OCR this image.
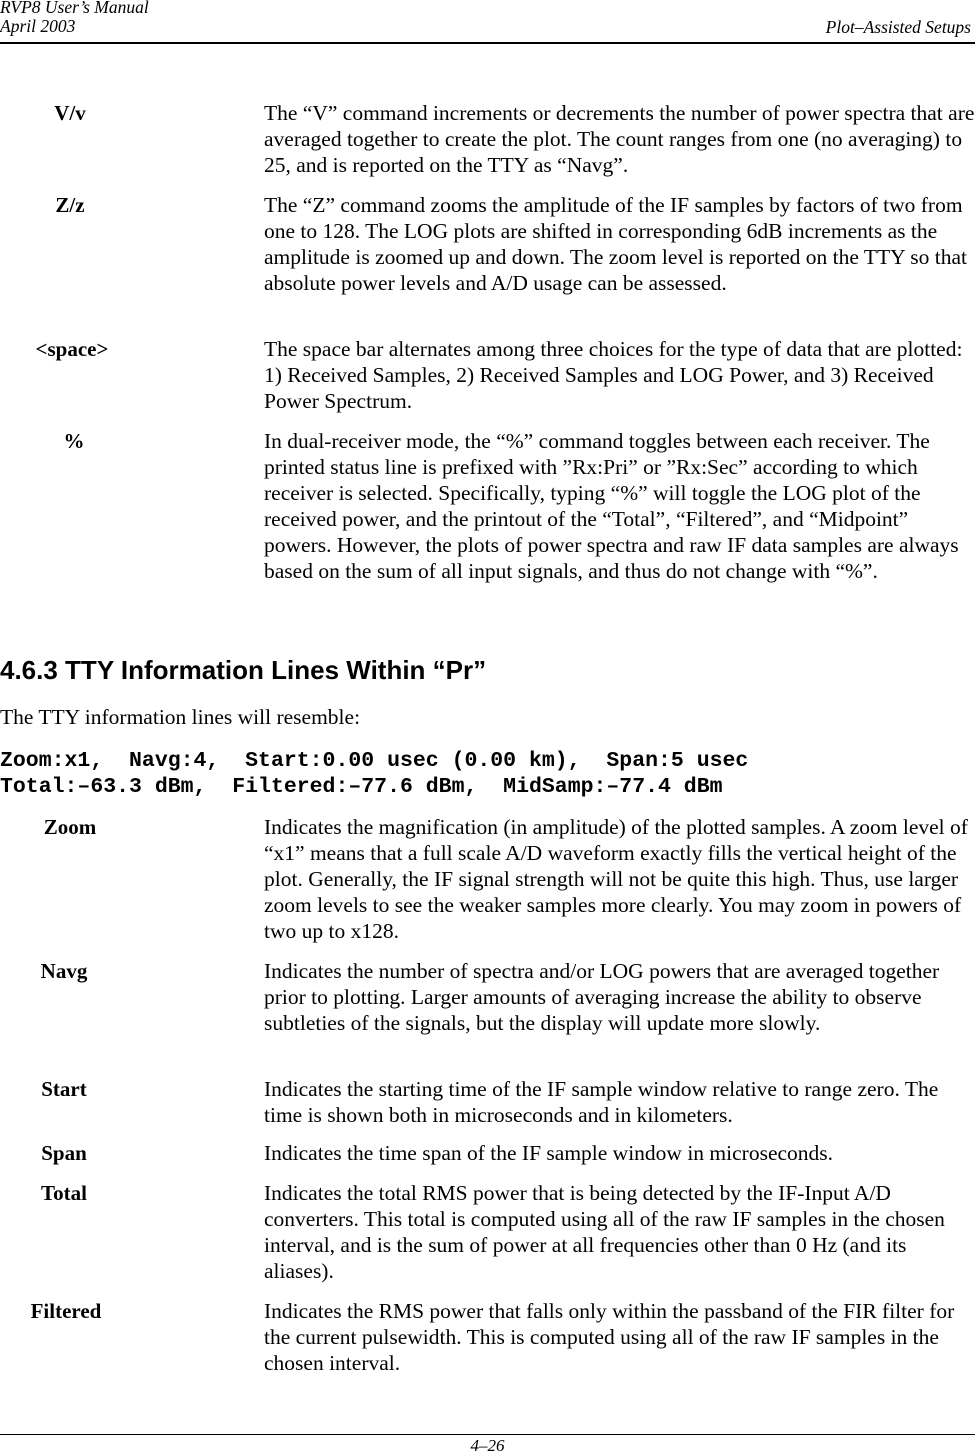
RVP8 User’s Manual
April 2003	Plot–Assisted Setups
V/v	The “V” command increments or decrements the number of power spectra that are averaged together to create the plot. The count ranges from one (no averaging) to 25, and is reported on the TTY as “Navg”.
Z/z	The “Z” command zooms the amplitude of the IF samples by factors of two from one to 128. The LOG plots are shifted in corresponding 6dB increments as the amplitude is zoomed up and down. The zoom level is reported on the TTY so that absolute power levels and A/D usage can be assessed.
<space>	The space bar alternates among three choices for the type of data that are plotted: 1) Received Samples, 2) Received Samples and LOG Power, and 3) Received Power Spectrum.
%	In dual-receiver mode, the “%” command toggles between each receiver. The printed status line is prefixed with ”Rx:Pri” or ”Rx:Sec” according to which receiver is selected. Specifically, typing “%” will toggle the LOG plot of the received power, and the printout of the “Total”, “Filtered”, and “Midpoint” powers. However, the plots of power spectra and raw IF data samples are always based on the sum of all input signals, and thus do not change with “%”.
4.6.3 TTY Information Lines Within “Pr”
The TTY information lines will resemble:
Zoom:x1,  Navg:4,  Start:0.00 usec (0.00 km),  Span:5 usec
Total:–63.3 dBm,  Filtered:–77.6 dBm,  MidSamp:–77.4 dBm
Zoom	Indicates the magnification (in amplitude) of the plotted samples. A zoom level of “x1” means that a full scale A/D waveform exactly fills the vertical height of the plot. Generally, the IF signal strength will not be quite this high. Thus, use larger zoom levels to see the weaker samples more clearly. You may zoom in powers of two up to x128.
Navg	Indicates the number of spectra and/or LOG powers that are averaged together prior to plotting. Larger amounts of averaging increase the ability to observe subtleties of the signals, but the display will update more slowly.
Start	Indicates the starting time of the IF sample window relative to range zero. The time is shown both in microseconds and in kilometers.
Span	Indicates the time span of the IF sample window in microseconds.
Total	Indicates the total RMS power that is being detected by the IF-Input A/D converters. This total is computed using all of the raw IF samples in the chosen interval, and is the sum of power at all frequencies other than 0 Hz (and its aliases).
Filtered	Indicates the RMS power that falls only within the passband of the FIR filter for the current pulsewidth. This is computed using all of the raw IF samples in the chosen interval.
4–26
